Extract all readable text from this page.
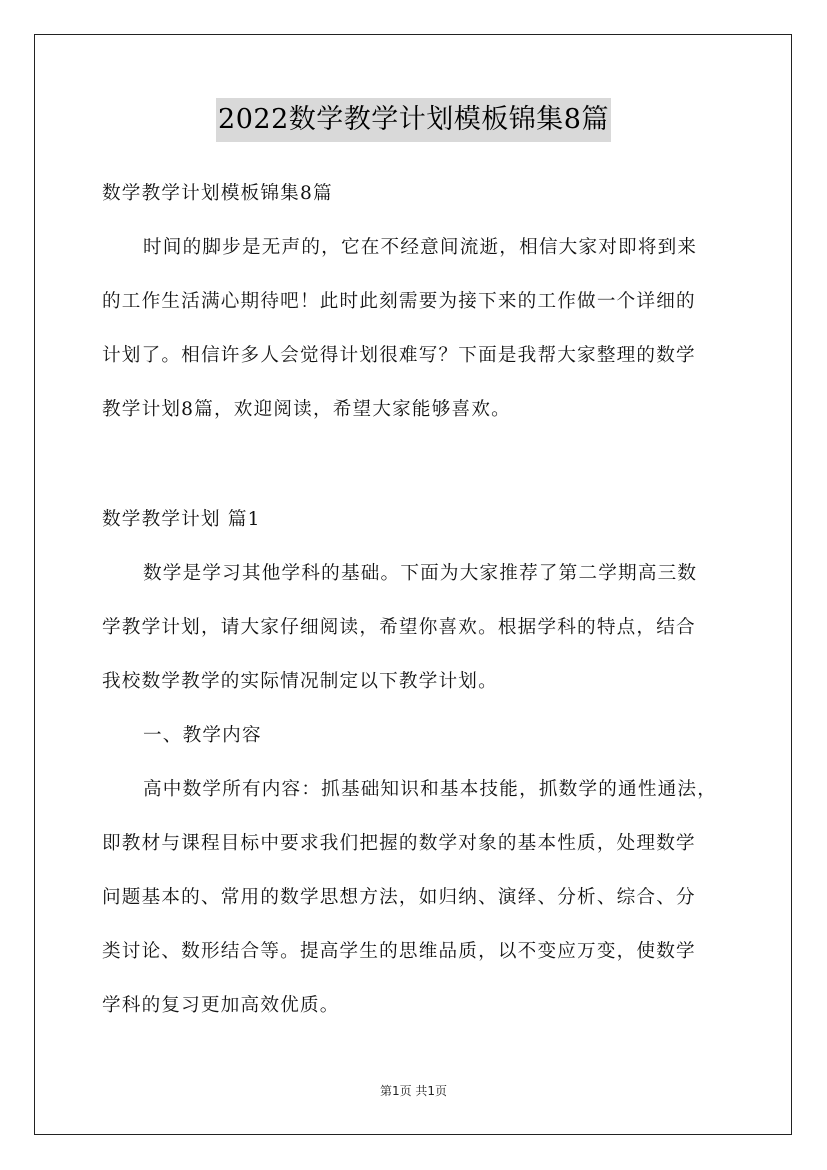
2022数学教学计划模板锦集8篇
数学教学计划模板锦集8篇
时间的脚步是无声的，它在不经意间流逝，相信大家对即将到来
的工作生活满心期待吧！此时此刻需要为接下来的工作做一个详细的
计划了。相信许多人会觉得计划很难写？下面是我帮大家整理的数学
教学计划8篇，欢迎阅读，希望大家能够喜欢。
数学教学计划 篇1
数学是学习其他学科的基础。下面为大家推荐了第二学期高三数
学教学计划，请大家仔细阅读，希望你喜欢。根据学科的特点，结合
我校数学教学的实际情况制定以下教学计划。
一、教学内容
高中数学所有内容：抓基础知识和基本技能，抓数学的通性通法，
即教材与课程目标中要求我们把握的数学对象的基本性质，处理数学
问题基本的、常用的数学思想方法，如归纳、演绎、分析、综合、分
类讨论、数形结合等。提高学生的思维品质，以不变应万变，使数学
学科的复习更加高效优质。
第1页 共1页
